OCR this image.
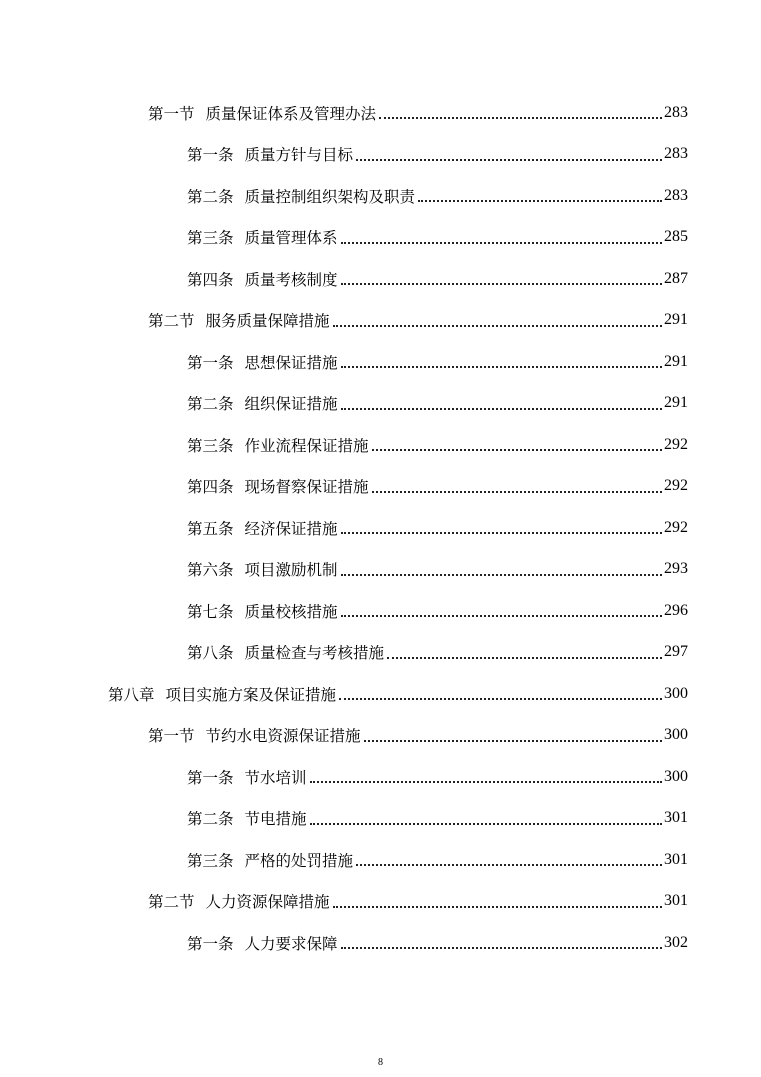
第一节 质量保证体系及管理办法	283
第一条 质量方针与目标	283
第二条 质量控制组织架构及职责	283
第三条 质量管理体系	285
第四条 质量考核制度	287
第二节 服务质量保障措施	291
第一条 思想保证措施	291
第二条 组织保证措施	291
第三条 作业流程保证措施	292
第四条 现场督察保证措施	292
第五条 经济保证措施	292
第六条 项目激励机制	293
第七条 质量校核措施	296
第八条 质量检查与考核措施	297
第八章 项目实施方案及保证措施	300
第一节 节约水电资源保证措施	300
第一条 节水培训	300
第二条 节电措施	301
第三条 严格的处罚措施	301
第二节 人力资源保障措施	301
第一条 人力要求保障	302
8
